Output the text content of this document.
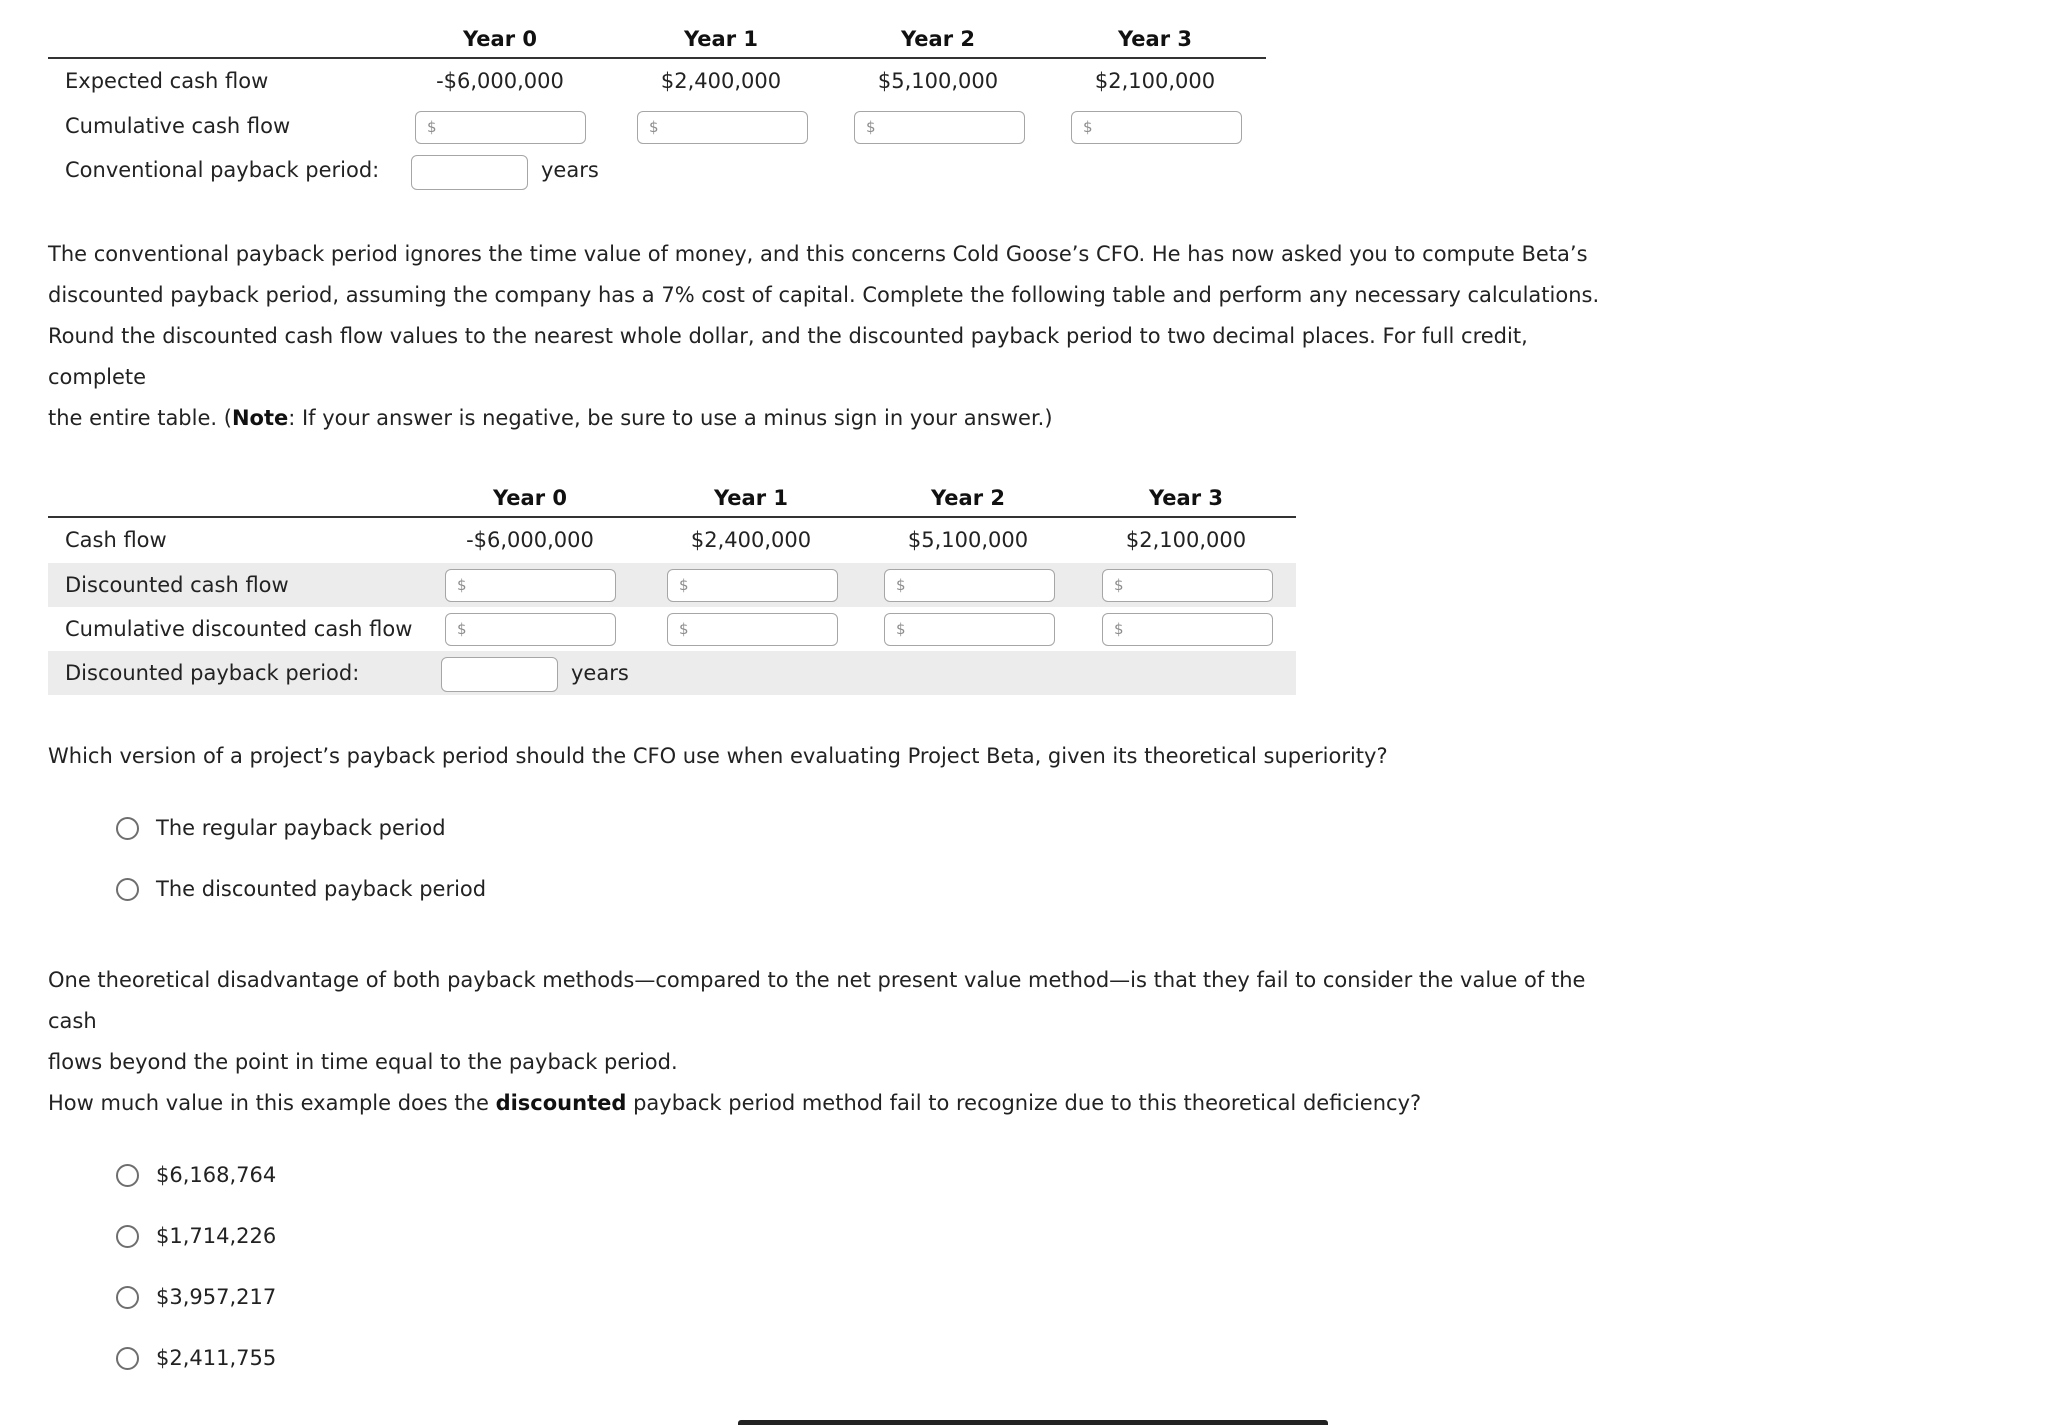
Year 0	Year 1	Year 2	Year 3
Expected cash flow	-$6,000,000	$2,400,000	$5,100,000	$2,100,000
Cumulative cash flow	$	$	$	$
Conventional payback period:	years
The conventional payback period ignores the time value of money, and this concerns Cold Goose’s CFO. He has now asked you to compute Beta’s
discounted payback period, assuming the company has a 7% cost of capital. Complete the following table and perform any necessary calculations.
Round the discounted cash flow values to the nearest whole dollar, and the discounted payback period to two decimal places. For full credit, complete
the entire table. (Note: If your answer is negative, be sure to use a minus sign in your answer.)
Year 0	Year 1	Year 2	Year 3
Cash flow	-$6,000,000	$2,400,000	$5,100,000	$2,100,000
Discounted cash flow	$	$	$	$
Cumulative discounted cash flow	$	$	$	$
Discounted payback period:	years
Which version of a project’s payback period should the CFO use when evaluating Project Beta, given its theoretical superiority?
The regular payback period
The discounted payback period
One theoretical disadvantage of both payback methods—compared to the net present value method—is that they fail to consider the value of the cash
flows beyond the point in time equal to the payback period.
How much value in this example does the discounted payback period method fail to recognize due to this theoretical deficiency?
$6,168,764
$1,714,226
$3,957,217
$2,411,755
